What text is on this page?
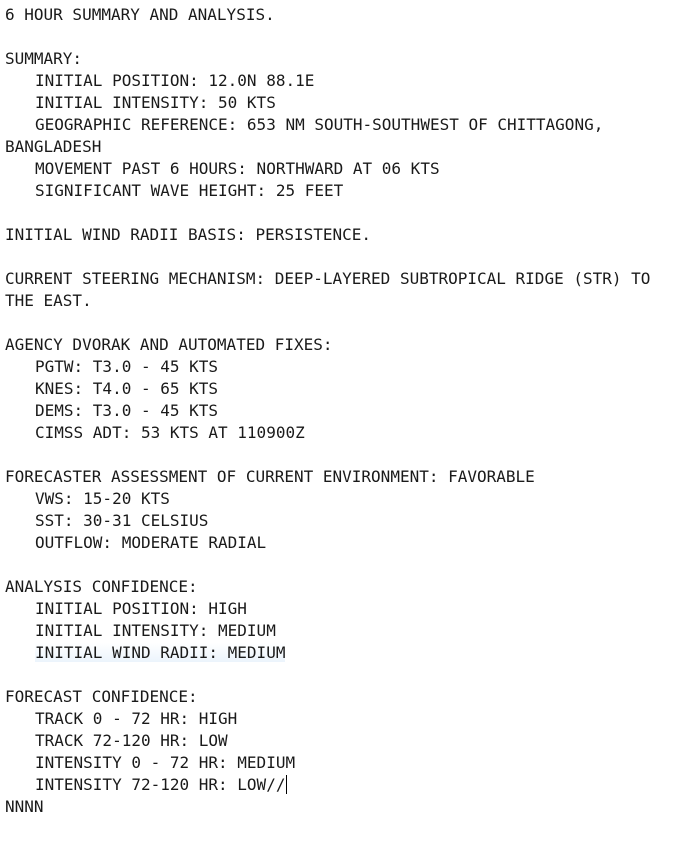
6 HOUR SUMMARY AND ANALYSIS.
SUMMARY:
INITIAL POSITION: 12.0N 88.1E
INITIAL INTENSITY: 50 KTS
GEOGRAPHIC REFERENCE: 653 NM SOUTH-SOUTHWEST OF CHITTAGONG,
BANGLADESH
MOVEMENT PAST 6 HOURS: NORTHWARD AT 06 KTS
SIGNIFICANT WAVE HEIGHT: 25 FEET
INITIAL WIND RADII BASIS: PERSISTENCE.
CURRENT STEERING MECHANISM: DEEP-LAYERED SUBTROPICAL RIDGE (STR) TO
THE EAST.
AGENCY DVORAK AND AUTOMATED FIXES:
PGTW: T3.0 - 45 KTS
KNES: T4.0 - 65 KTS
DEMS: T3.0 - 45 KTS
CIMSS ADT: 53 KTS AT 110900Z
FORECASTER ASSESSMENT OF CURRENT ENVIRONMENT: FAVORABLE
VWS: 15-20 KTS
SST: 30-31 CELSIUS
OUTFLOW: MODERATE RADIAL
ANALYSIS CONFIDENCE:
INITIAL POSITION: HIGH
INITIAL INTENSITY: MEDIUM
INITIAL WIND RADII: MEDIUM
FORECAST CONFIDENCE:
TRACK 0 - 72 HR: HIGH
TRACK 72-120 HR: LOW
INTENSITY 0 - 72 HR: MEDIUM
INTENSITY 72-120 HR: LOW//
NNNN
